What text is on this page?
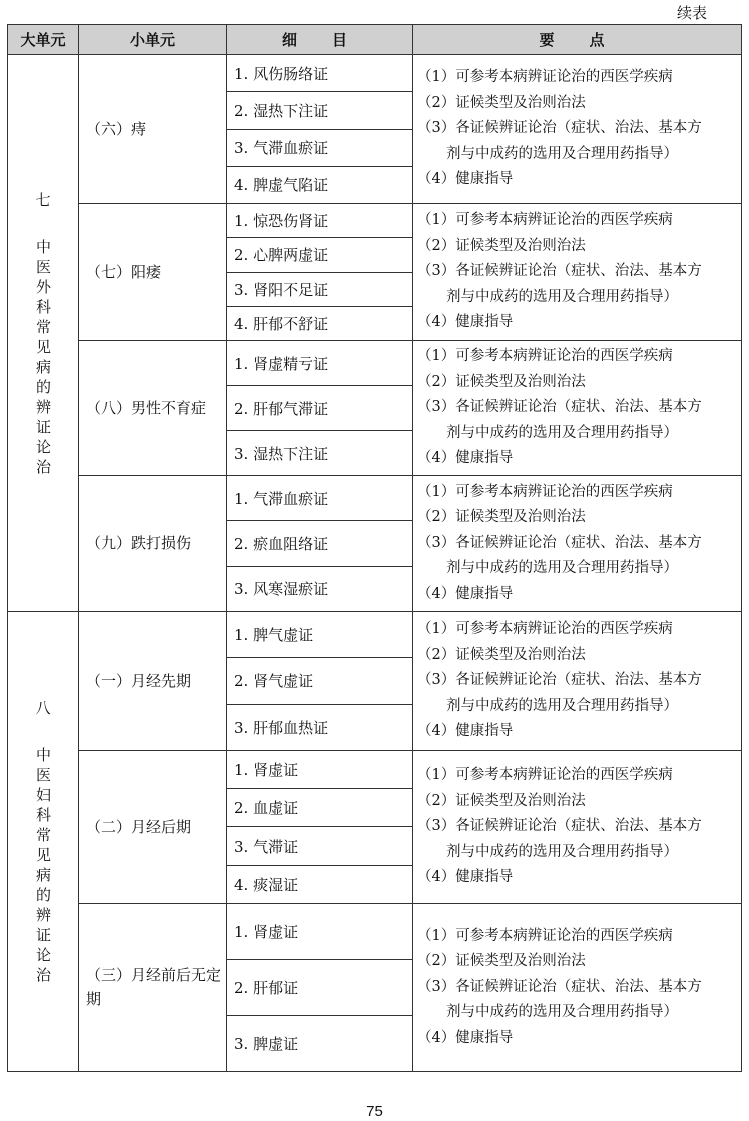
续表
大单元	小单元	细　目	要　点

七
中医外科常见病的辨证论治	（六）痔	1. 风伤肠络证	（1）可参考本病辨证论治的西医学疾病
（2）证候类型及治则治法
（3）各证候辨证论治（症状、治法、基本方
剂与中成药的选用及合理用药指导）
（4）健康指导

		2. 湿热下注证	
		3. 气滞血瘀证	
		4. 脾虚气陷证	
	（七）阳痿	1. 惊恐伤肾证	（1）可参考本病辨证论治的西医学疾病
（2）证候类型及治则治法
（3）各证候辨证论治（症状、治法、基本方
剂与中成药的选用及合理用药指导）
（4）健康指导

		2. 心脾两虚证	
		3. 肾阳不足证	
		4. 肝郁不舒证	
	（八）男性不育症	1. 肾虚精亏证	（1）可参考本病辨证论治的西医学疾病
（2）证候类型及治则治法
（3）各证候辨证论治（症状、治法、基本方
剂与中成药的选用及合理用药指导）
（4）健康指导

		2. 肝郁气滞证	
		3. 湿热下注证	
	（九）跌打损伤	1. 气滞血瘀证	（1）可参考本病辨证论治的西医学疾病
（2）证候类型及治则治法
（3）各证候辨证论治（症状、治法、基本方
剂与中成药的选用及合理用药指导）
（4）健康指导

		2. 瘀血阻络证	
		3. 风寒湿瘀证	

八
中医妇科常见病的辨证论治	（一）月经先期	1. 脾气虚证	（1）可参考本病辨证论治的西医学疾病
（2）证候类型及治则治法
（3）各证候辨证论治（症状、治法、基本方
剂与中成药的选用及合理用药指导）
（4）健康指导

		2. 肾气虚证	
		3. 肝郁血热证	
	（二）月经后期	1. 肾虚证	（1）可参考本病辨证论治的西医学疾病
（2）证候类型及治则治法
（3）各证候辨证论治（症状、治法、基本方
剂与中成药的选用及合理用药指导）
（4）健康指导

		2. 血虚证	
		3. 气滞证	
		4. 痰湿证	
	（三）月经前后无定期	1. 肾虚证	（1）可参考本病辨证论治的西医学疾病
（2）证候类型及治则治法
（3）各证候辨证论治（症状、治法、基本方
剂与中成药的选用及合理用药指导）
（4）健康指导

		2. 肝郁证	
		3. 脾虚证	
75
